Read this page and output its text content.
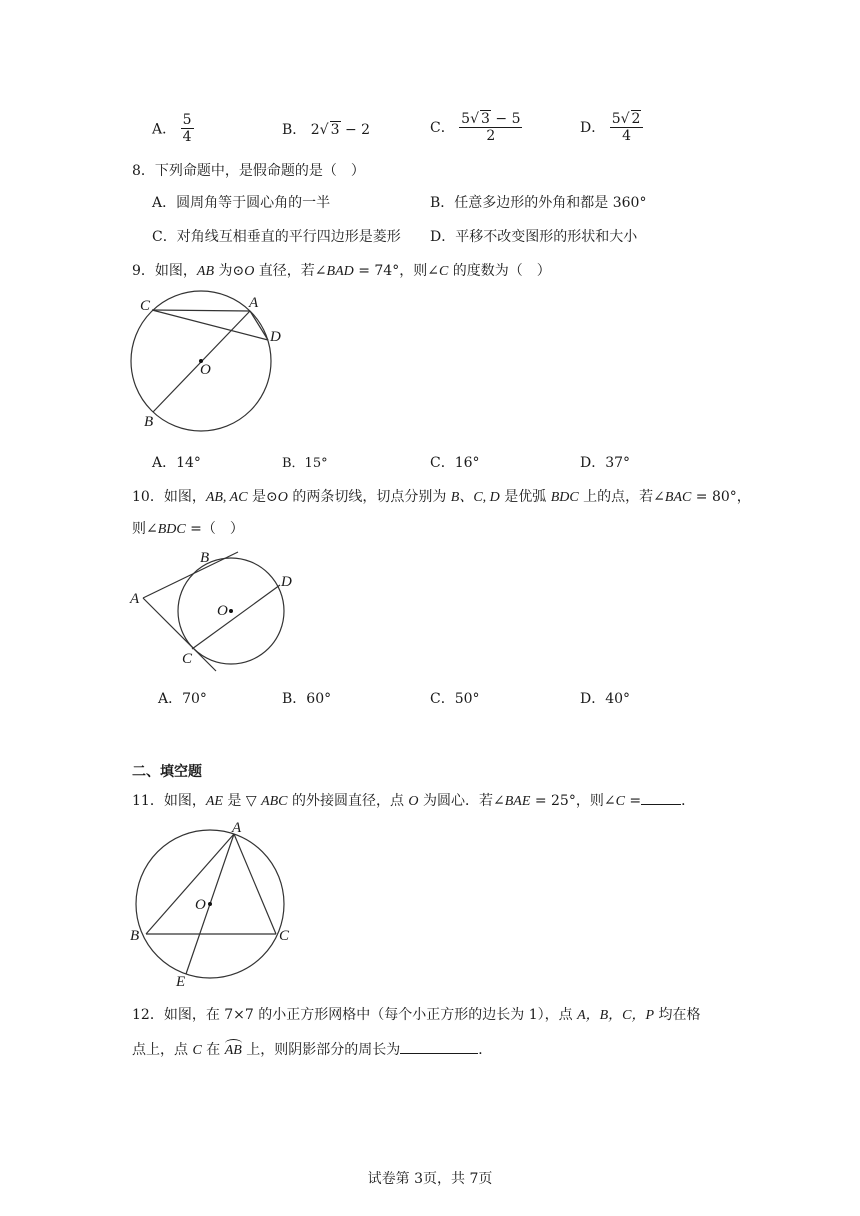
A． $\frac{5}{4}$	B． 2√ 3 − 2	C． $\frac{5√ 3 - 5}{2}$	D． $\frac{5√ 2}{4}$
8．下列命题中，是假命题的是（　）
A．圆周角等于圆心角的一半	B．任意多边形的外角和都是 360°
C．对角线互相垂直的平行四边形是菱形 D．平移不改变图形的形状和大小
9．如图，AB 为⊙O 直径，若∠BAD = 74°，则∠C 的度数为（　）
C	A
D
O
B
A．14°	B．15°	C．16°	D．37°
10．如图，AB, AC 是⊙O 的两条切线，切点分别为 B、C, D 是优弧 BDC 上的点，若∠BAC = 80°，
则∠BDC =（　）
A
B
D
O
C
A．70°	B．60°	C．50°	D．40°
二、填空题
11．如图，AE 是 ▽ ABC 的外接圆直径，点 O 为圆心．若∠BAE = 25°，则∠C =	．
A
O
B	C
E
12．如图，在 7×7 的小正方形网格中（每个小正方形的边长为 1），点 A，B，C，P 均在格
点上，点 C 在 AB 上，则阴影部分的周长为	．
试卷第 3页，共 7页
